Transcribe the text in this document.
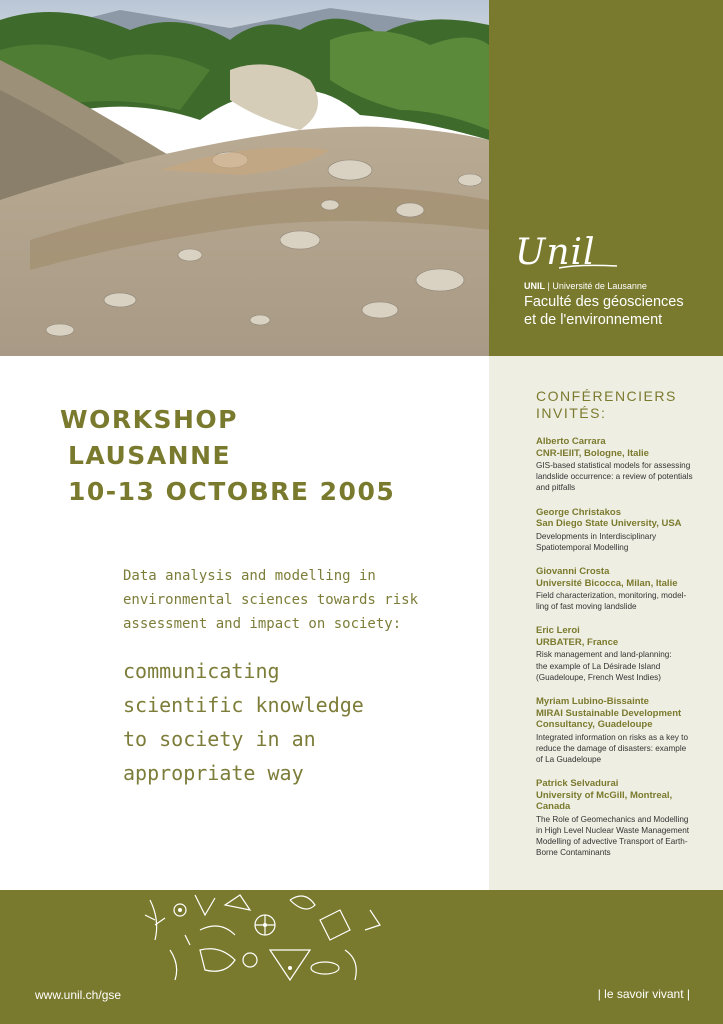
Unil
UNIL | Université de Lausanne
Faculté des géosciences
et de l'environnement
WORKSHOP
LAUSANNE
10-13 OCTOBRE 2005
Data analysis and modelling in
environmental sciences towards risk
assessment and impact on society:
communicating
scientific knowledge
to society in an
appropriate way
CONFÉRENCIERS
INVITÉS:
Alberto Carrara
CNR-IEIIT, Bologne, Italie
GIS-based statistical models for assessing
landslide occurrence: a review of potentials
and pitfalls
George Christakos
San Diego State University, USA
Developments in Interdisciplinary
Spatiotemporal Modelling
Giovanni Crosta
Université Bicocca, Milan, Italie
Field characterization, monitoring, model-
ling of fast moving landslide
Eric Leroi
URBATER, France
Risk management and land-planning:
the example of La Désirade Island
(Guadeloupe, French West Indies)
Myriam Lubino-Bissainte
MIRAI Sustainable Development
Consultancy, Guadeloupe
Integrated information on risks as a key to
reduce the damage of disasters: example
of La Guadeloupe
Patrick Selvadurai
University of McGill, Montreal,
Canada
The Role of Geomechanics and Modelling
in High Level Nuclear Waste Management
Modelling of advective Transport of Earth-
Borne Contaminants
www.unil.ch/gse	| le savoir vivant |
